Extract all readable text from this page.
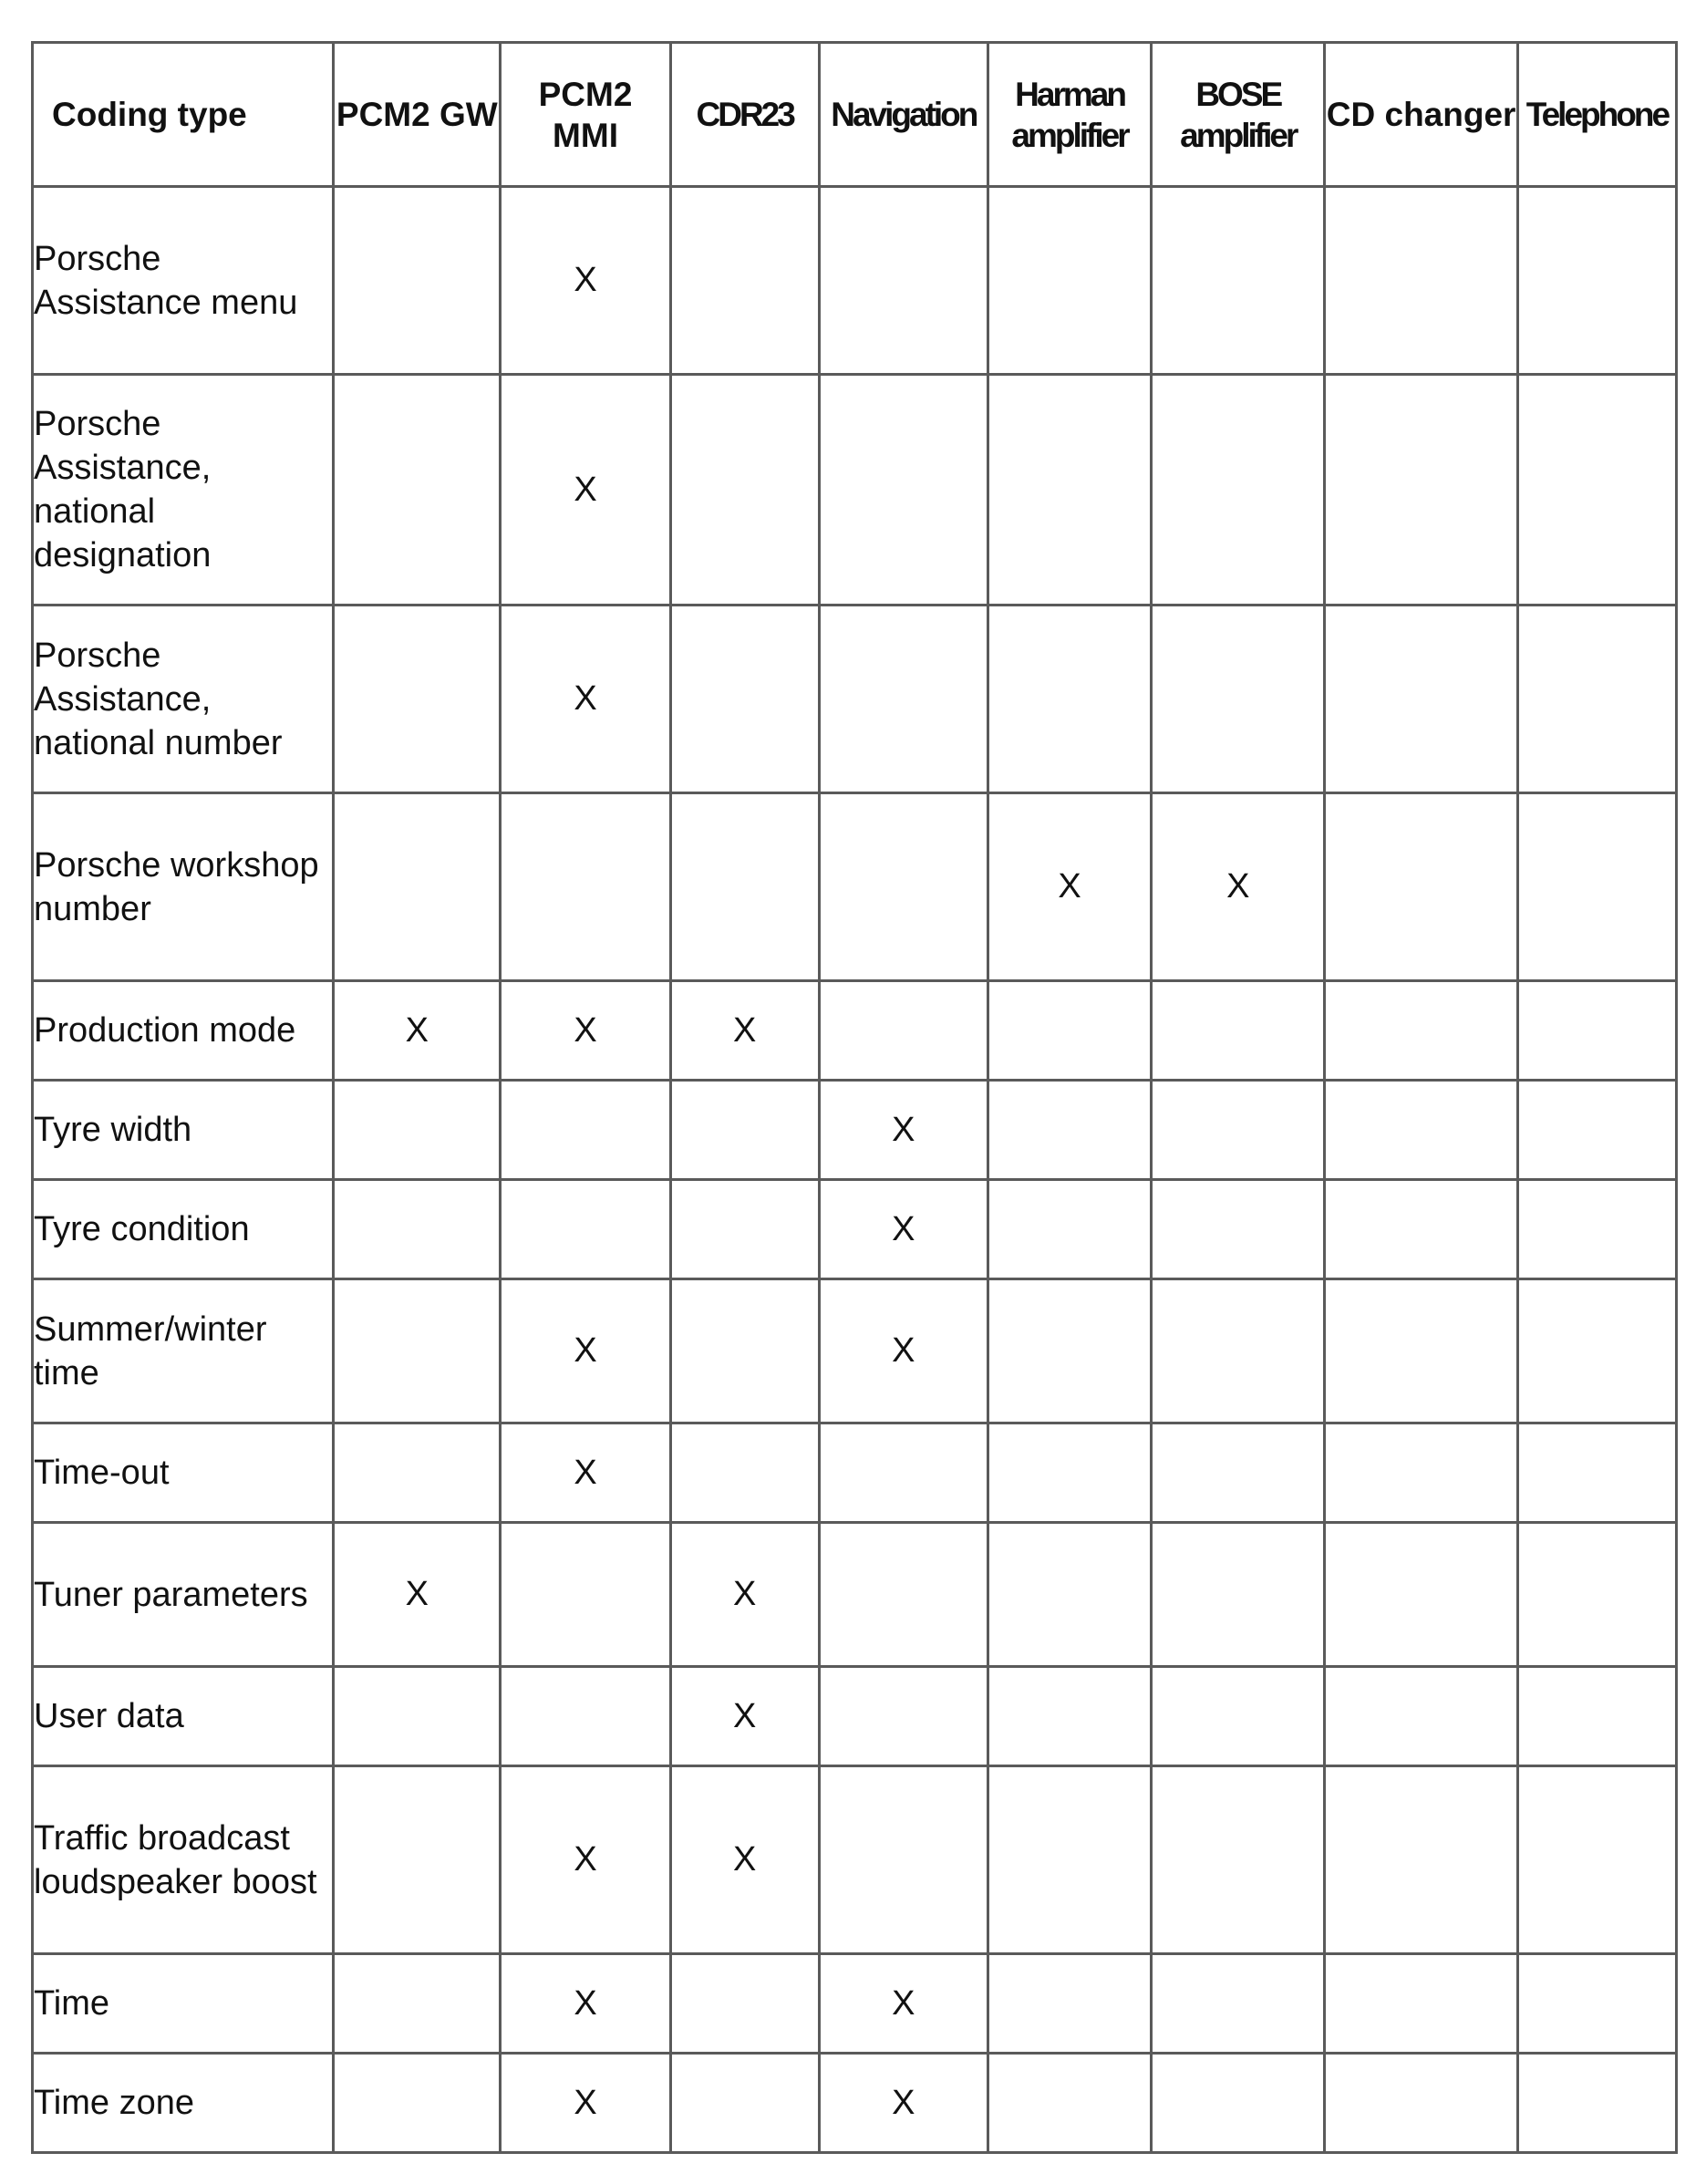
Coding type	PCM2 GW	PCM2 MMI	CDR23	Navigation	Harman amplifier	BOSE amplifier	CD changer	Telephone
Porsche Assistance menu		X						
Porsche Assistance, national designation		X						
Porsche Assistance, national number		X						
Porsche workshop number					X	X		
Production mode	X	X	X					
Tyre width				X				
Tyre condition				X				
Summer/winter time		X		X				
Time-out		X						
Tuner parameters	X		X					
User data			X					
Traffic broadcast loudspeaker boost		X	X					
Time		X		X				
Time zone		X		X				
